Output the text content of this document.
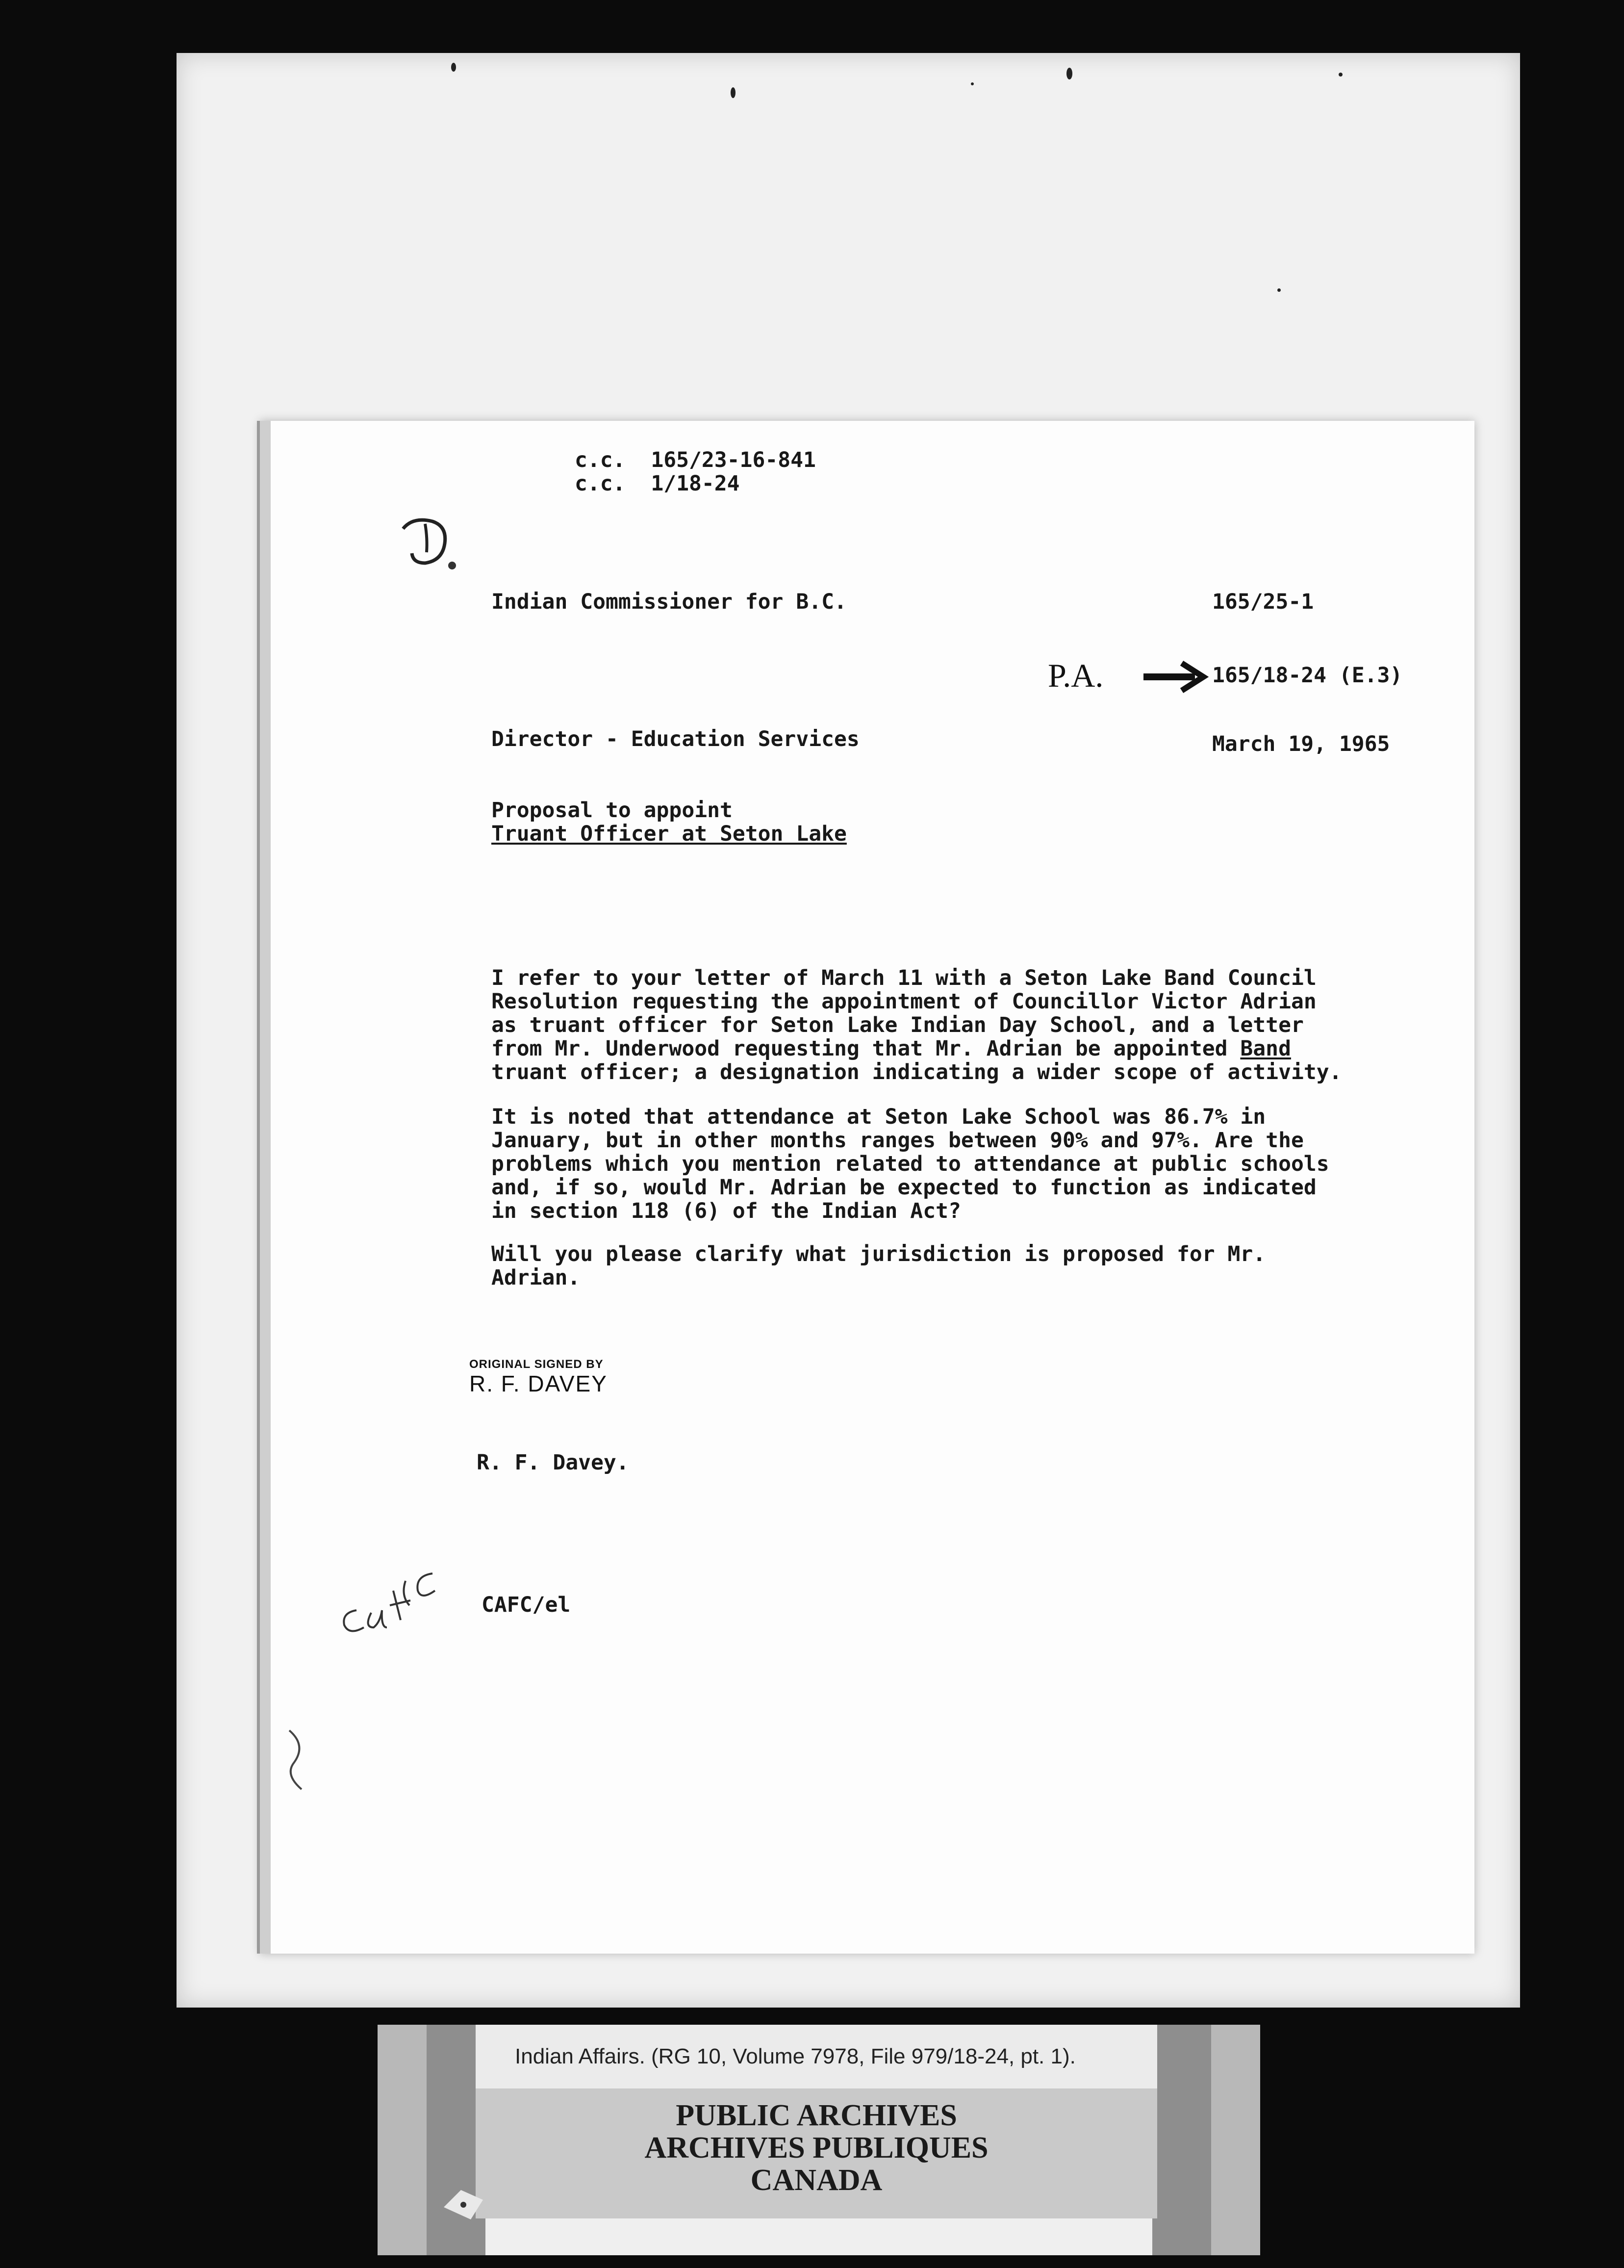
c.c. 165/23-16-841
c.c. 1/18-24
Indian Commissioner for B.C.	165/25-1
P.A.	165/18-24 (E.3)
Director - Education Services	March 19, 1965
Proposal to appoint
Truant Officer at Seton Lake

I refer to your letter of March 11 with a Seton Lake Band Council Resolution requesting the appointment of Councillor Victor Adrian as truant officer for Seton Lake Indian Day School, and a letter from Mr. Underwood requesting that Mr. Adrian be appointed Band truant officer; a designation indicating a wider scope of activity.

It is noted that attendance at Seton Lake School was 86.7% in January, but in other months ranges between 90% and 97%. Are the problems which you mention related to attendance at public schools and, if so, would Mr. Adrian be expected to function as indicated in section 118 (6) of the Indian Act?

Will you please clarify what jurisdiction is proposed for Mr. Adrian.

ORIGINAL SIGNED BY
R. F. DAVEY
R. F. Davey.
CAFC/el
Indian Affairs. (RG 10, Volume 7978, File 979/18-24, pt. 1).
PUBLIC ARCHIVES
ARCHIVES PUBLIQUES
CANADA
